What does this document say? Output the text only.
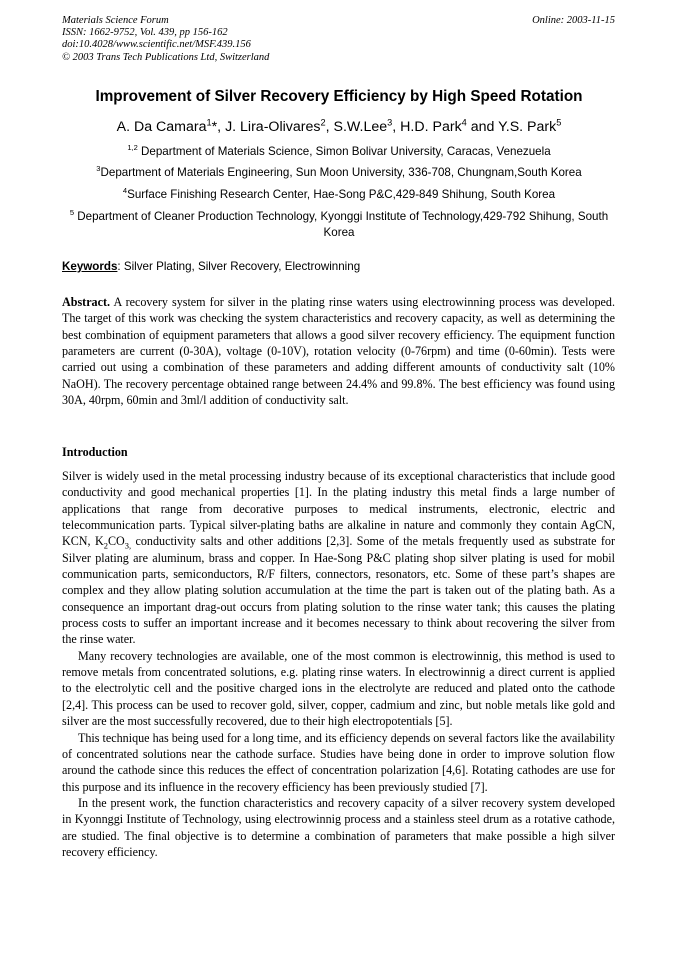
Materials Science Forum
ISSN: 1662-9752, Vol. 439, pp 156-162
doi:10.4028/www.scientific.net/MSF.439.156
© 2003 Trans Tech Publications Ltd, Switzerland
Online: 2003-11-15
Improvement of Silver Recovery Efficiency by High Speed Rotation
A. Da Camara$^1$*, J. Lira-Olivares$^2$, S.W.Lee$^3$, H.D. Park$^4$ and Y.S. Park$^5$
$^{1,2}$ Department of Materials Science, Simon Bolivar University, Caracas, Venezuela
$^3$Department of Materials Engineering, Sun Moon University, 336-708, Chungnam,South Korea
$^4$Surface Finishing Research Center, Hae-Song P&C,429-849 Shihung, South Korea
$^5$ Department of Cleaner Production Technology, Kyonggi Institute of Technology,429-792 Shihung, South Korea
Keywords: Silver Plating, Silver Recovery, Electrowinning
Abstract. A recovery system for silver in the plating rinse waters using electrowinning process was developed. The target of this work was checking the system characteristics and recovery capacity, as well as determining the best combination of equipment parameters that allows a good silver recovery efficiency. The equipment function parameters are current (0-30A), voltage (0-10V), rotation velocity (0-76rpm) and time (0-60min). Tests were carried out using a combination of these parameters and adding different amounts of conductivity salt (10% NaOH). The recovery percentage obtained range between 24.4% and 99.8%. The best efficiency was found using 30A, 40rpm, 60min and 3ml/l addition of conductivity salt.
Introduction
Silver is widely used in the metal processing industry because of its exceptional characteristics that include good conductivity and good mechanical properties [1]. In the plating industry this metal finds a large number of applications that range from decorative purposes to medical instruments, electronic, electric and telecommunication parts. Typical silver-plating baths are alkaline in nature and commonly they contain AgCN, KCN, $K_2CO_{3,}$ conductivity salts and other additions [2,3]. Some of the metals frequently used as substrate for Silver plating are aluminum, brass and copper. In Hae-Song P&C plating shop silver plating is used for mobil communication parts, semiconductors, R/F filters, connectors, resonators, etc. Some of these part’s shapes are complex and they allow plating solution accumulation at the time the part is taken out of the plating bath. As a consequence an important drag-out occurs from plating solution to the rinse water tank; this causes the plating process costs to suffer an important increase and it becomes necessary to think about recovering the silver from the rinse water.
Many recovery technologies are available, one of the most common is electrowinnig, this method is used to remove metals from concentrated solutions, e.g. plating rinse waters. In electrowinnig a direct current is applied to the electrolytic cell and the positive charged ions in the electrolyte are reduced and plated onto the cathode [2,4]. This process can be used to recover gold, silver, copper, cadmium and zinc, but noble metals like gold and silver are the most successfully recovered, due to their high electropotentials [5].
This technique has being used for a long time, and its efficiency depends on several factors like the availability of concentrated solutions near the cathode surface. Studies have being done in order to improve solution flow around the cathode since this reduces the effect of concentration polarization [4,6]. Rotating cathodes are use for this purpose and its influence in the recovery efficiency has been previously studied [7].
In the present work, the function characteristics and recovery capacity of a silver recovery system developed in Kyonnggi Institute of Technology, using electrowinnig process and a stainless steel drum as a rotative cathode, are studied. The final objective is to determine a combination of parameters that make possible a high silver recovery efficiency.
